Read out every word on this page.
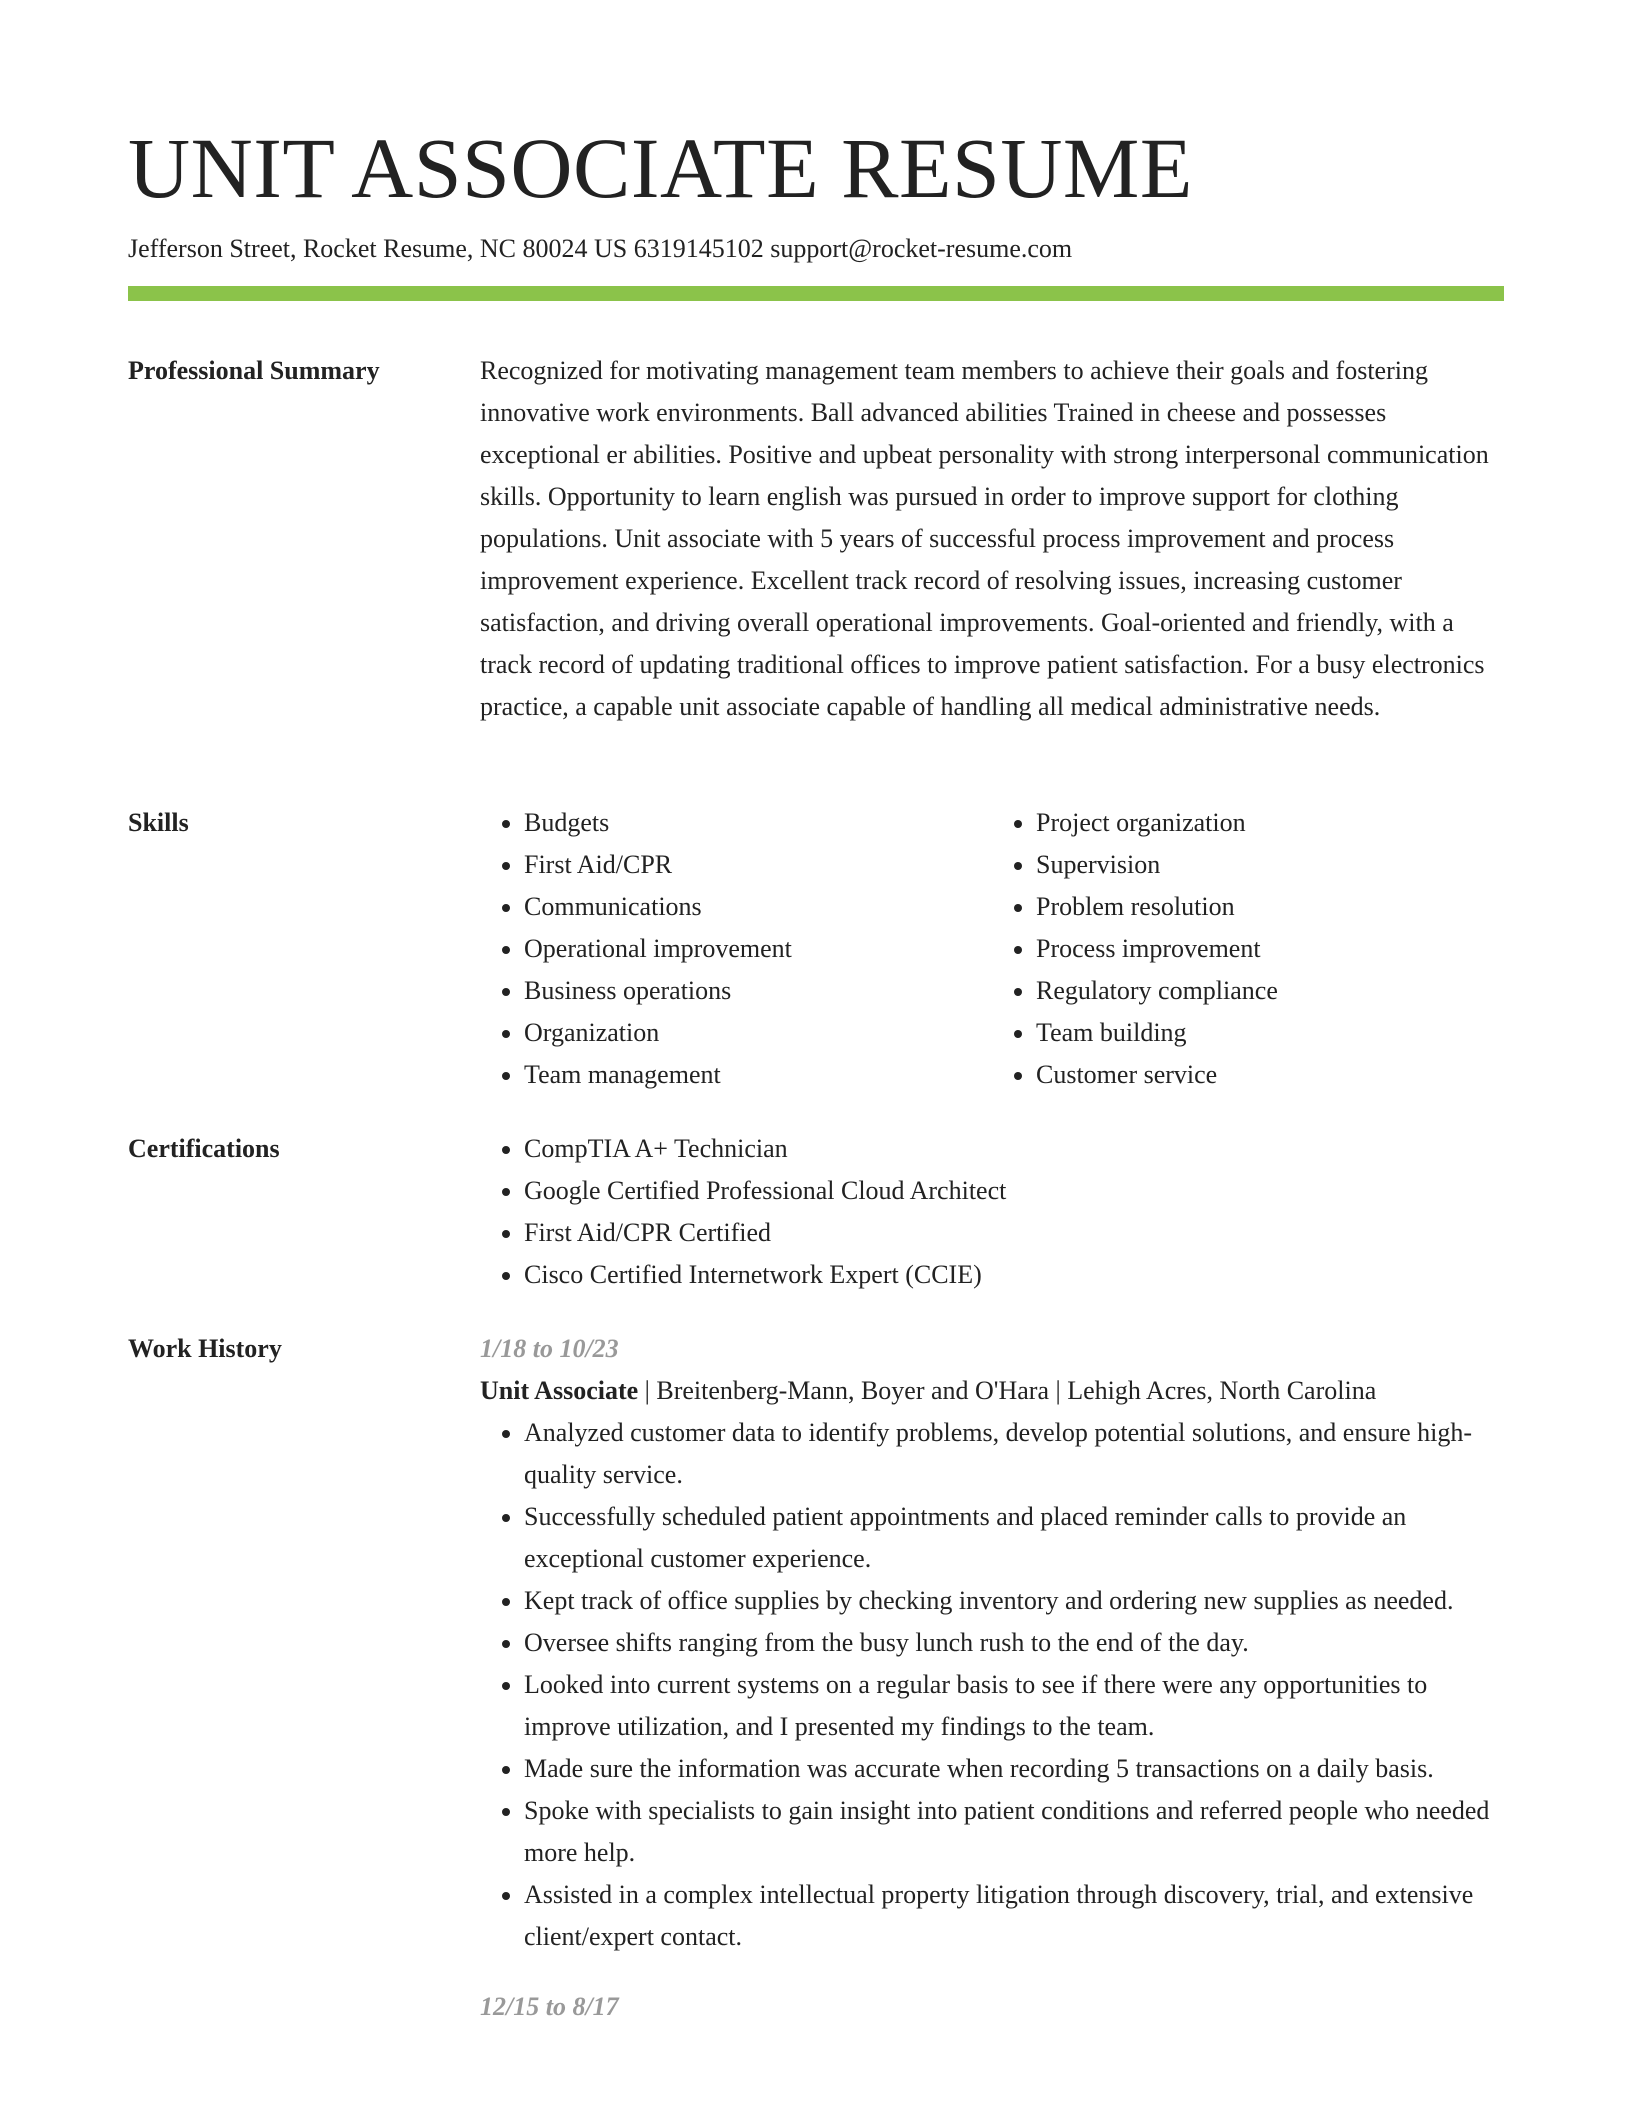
UNIT ASSOCIATE RESUME
Jefferson Street, Rocket Resume, NC 80024 US 6319145102 support@rocket-resume.com
Professional Summary	Recognized for motivating management team members to achieve their goals and fostering innovative work environments. Ball advanced abilities Trained in cheese and possesses exceptional er abilities. Positive and upbeat personality with strong interpersonal communication skills. Opportunity to learn english was pursued in order to improve support for clothing populations. Unit associate with 5 years of successful process improvement and process improvement experience. Excellent track record of resolving issues, increasing customer satisfaction, and driving overall operational improvements. Goal-oriented and friendly, with a track record of updating traditional offices to improve patient satisfaction. For a busy electronics practice, a capable unit associate capable of handling all medical administrative needs.

Skills	• Budgets
• First Aid/CPR
• Communications
• Operational improvement
• Business operations
• Organization
• Team management
• Project organization
• Supervision
• Problem resolution
• Process improvement
• Regulatory compliance
• Team building
• Customer service
Certifications	• CompTIA A+ Technician
• Google Certified Professional Cloud Architect
• First Aid/CPR Certified
• Cisco Certified Internetwork Expert (CCIE)
Work History	1/18 to 10/23
Unit Associate | Breitenberg-Mann, Boyer and O'Hara | Lehigh Acres, North Carolina
• Analyzed customer data to identify problems, develop potential solutions, and ensure high-quality service.
• Successfully scheduled patient appointments and placed reminder calls to provide an exceptional customer experience.
• Kept track of office supplies by checking inventory and ordering new supplies as needed.
• Oversee shifts ranging from the busy lunch rush to the end of the day.
• Looked into current systems on a regular basis to see if there were any opportunities to improve utilization, and I presented my findings to the team.
• Made sure the information was accurate when recording 5 transactions on a daily basis.
• Spoke with specialists to gain insight into patient conditions and referred people who needed more help.
• Assisted in a complex intellectual property litigation through discovery, trial, and extensive client/expert contact.
12/15 to 8/17
